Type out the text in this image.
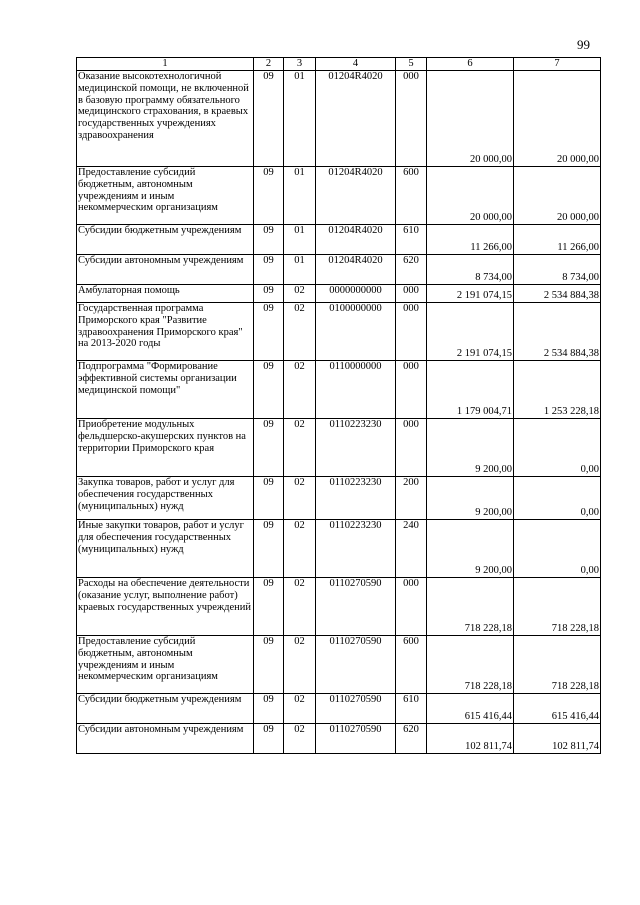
99
1	2	3	4	5	6	7
Оказание высокотехнологичной медицинской помощи, не включенной в базовую программу обязательного медицинского страхования, в краевых государственных учреждениях здравоохранения	09	01	01204R4020	000	20 000,00	20 000,00
Предоставление субсидий бюджетным, автономным учреждениям и иным некоммерческим организациям	09	01	01204R4020	600	20 000,00	20 000,00
Субсидии бюджетным учреждениям	09	01	01204R4020	610	11 266,00	11 266,00
Субсидии автономным учреждениям	09	01	01204R4020	620	8 734,00	8 734,00
Амбулаторная помощь	09	02	0000000000	000	2 191 074,15	2 534 884,38
Государственная программа Приморского края "Развитие здравоохранения Приморского края" на 2013-2020 годы	09	02	0100000000	000	2 191 074,15	2 534 884,38
Подпрограмма "Формирование эффективной системы организации медицинской помощи"	09	02	0110000000	000	1 179 004,71	1 253 228,18
Приобретение модульных фельдшерско-акушерских пунктов на территории Приморского края	09	02	0110223230	000	9 200,00	0,00
Закупка товаров, работ и услуг для обеспечения государственных (муниципальных) нужд	09	02	0110223230	200	9 200,00	0,00
Иные закупки товаров, работ и услуг для обеспечения государственных (муниципальных) нужд	09	02	0110223230	240	9 200,00	0,00
Расходы на обеспечение деятельности (оказание услуг, выполнение работ) краевых государственных учреждений	09	02	0110270590	000	718 228,18	718 228,18
Предоставление субсидий бюджетным, автономным учреждениям и иным некоммерческим организациям	09	02	0110270590	600	718 228,18	718 228,18
Субсидии бюджетным учреждениям	09	02	0110270590	610	615 416,44	615 416,44
Субсидии автономным учреждениям	09	02	0110270590	620	102 811,74	102 811,74
